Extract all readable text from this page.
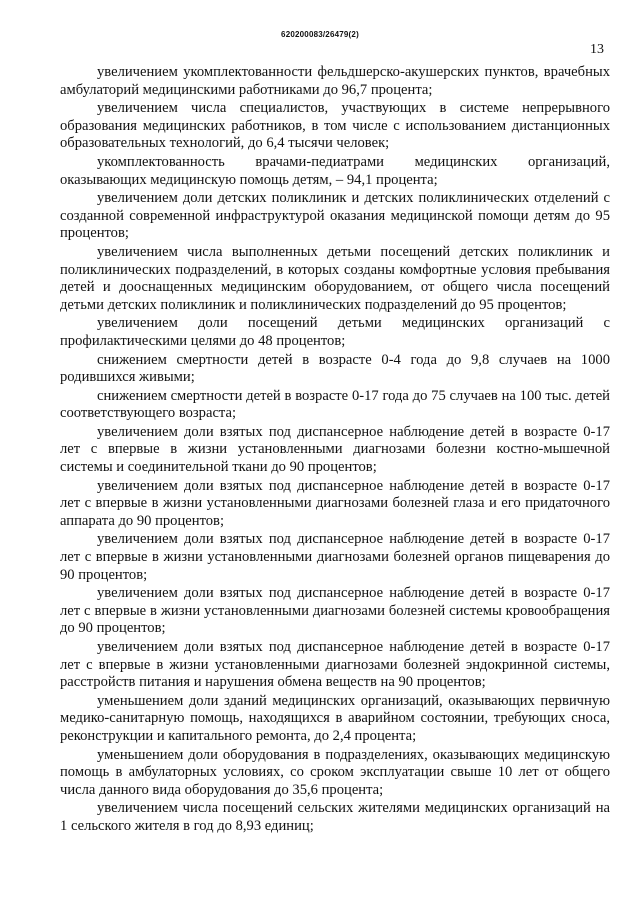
620200083/26479(2)
13

увеличением укомплектованности фельдшерско-акушерских пунктов, врачебных амбулаторий медицинскими работниками до 96,7 процента;

увеличением числа специалистов, участвующих в системе непрерывного образования медицинских работников, в том числе с использованием дистанционных образовательных технологий, до 6,4 тысячи человек;

укомплектованность врачами-педиатрами медицинских организаций, оказывающих медицинскую помощь детям, – 94,1 процента;

увеличением доли детских поликлиник и детских поликлинических отделений с созданной современной инфраструктурой оказания медицинской помощи детям до 95 процентов;

увеличением числа выполненных детьми посещений детских поликлиник и поликлинических подразделений, в которых созданы комфортные условия пребывания детей и дооснащенных медицинским оборудованием, от общего числа посещений детьми детских поликлиник и поликлинических подразделений до 95 процентов;

увеличением доли посещений детьми медицинских организаций с профилактическими целями до 48 процентов;

снижением смертности детей в возрасте 0-4 года до 9,8 случаев на 1000 родившихся живыми;

снижением смертности детей в возрасте 0-17 года до 75 случаев на 100 тыс. детей соответствующего возраста;

увеличением доли взятых под диспансерное наблюдение детей в возрасте 0-17 лет с впервые в жизни установленными диагнозами болезни костно-мышечной системы и соединительной ткани до 90 процентов;

увеличением доли взятых под диспансерное наблюдение детей в возрасте 0-17 лет с впервые в жизни установленными диагнозами болезней глаза и его придаточного аппарата до 90 процентов;

увеличением доли взятых под диспансерное наблюдение детей в возрасте 0-17 лет с впервые в жизни установленными диагнозами болезней органов пищеварения до 90 процентов;

увеличением доли взятых под диспансерное наблюдение детей в возрасте 0-17 лет с впервые в жизни установленными диагнозами болезней системы кровообращения до 90 процентов;

увеличением доли взятых под диспансерное наблюдение детей в возрасте 0-17 лет с впервые в жизни установленными диагнозами болезней эндокринной системы, расстройств питания и нарушения обмена веществ на 90 процентов;

уменьшением доли зданий медицинских организаций, оказывающих первичную медико-санитарную помощь, находящихся в аварийном состоянии, требующих сноса, реконструкции и капитального ремонта, до 2,4 процента;

уменьшением доли оборудования в подразделениях, оказывающих медицинскую помощь в амбулаторных условиях, со сроком эксплуатации свыше 10 лет от общего числа данного вида оборудования до 35,6 процента;

увеличением числа посещений сельских жителями медицинских организаций на 1 сельского жителя в год до 8,93 единиц;
